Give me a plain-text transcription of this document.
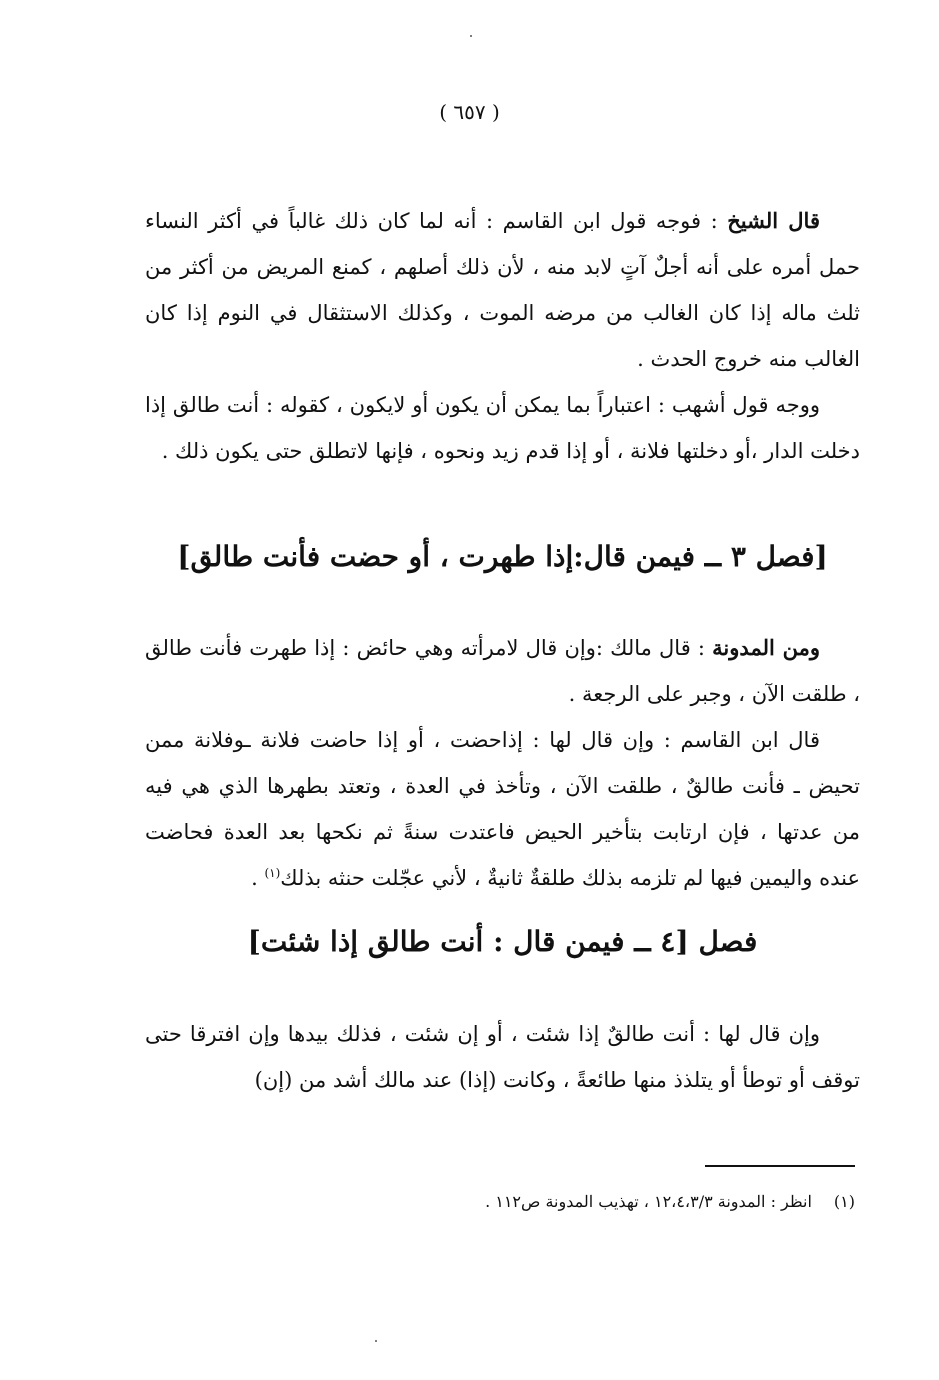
( ٦٥٧ )

قال الشيخ : فوجه قول ابن القاسم : أنه لما كان ذلك غالباً في أكثر النساء حمل أمره على أنه أجلٌ آتٍ لابد منه ، لأن ذلك أصلهم ، كمنع المريض من أكثر من ثلث ماله إذا كان الغالب من مرضه الموت ، وكذلك الاستثقال في النوم إذا كان الغالب منه خروج الحدث .

ووجه قول أشهب : اعتباراً بما يمكن أن يكون أو لايكون ، كقوله : أنت طالق إذا دخلت الدار ،أو دخلتها فلانة ، أو إذا قدم زيد ونحوه ، فإنها لاتطلق حتى يكون ذلك .

[فصل ٣ ــ فيمن قال:إذا طهرت ، أو حضت فأنت طالق]

ومن المدونة : قال مالك :وإن قال لامرأته وهي حائض : إذا طهرت فأنت طالق ، طلقت الآن ، وجبر على الرجعة .

قال ابن القاسم : وإن قال لها : إذاحضت ، أو إذا حاضت فلانة ـوفلانة ممن تحيض ـ فأنت طالقٌ ، طلقت الآن ، وتأخذ في العدة ، وتعتد بطهرها الذي هي فيه من عدتها ، فإن ارتابت بتأخير الحيض فاعتدت سنةً ثم نكحها بعد العدة فحاضت عنده واليمين فيها لم تلزمه بذلك طلقةٌ ثانيةٌ ، لأني عجّلت حنثه بذلك$^{(١)}$ .

فصل [٤ ــ فيمن قال : أنت طالق إذا شئت]

وإن قال لها : أنت طالقٌ إذا شئت ، أو إن شئت ، فذلك بيدها وإن افترقا حتى توقف أو توطأ أو يتلذذ منها طائعةً ، وكانت (إذا) عند مالك أشد من (إن)

(١)انظر : المدونة ١٢،٤،٣/٣ ، تهذيب المدونة ص١١٢ .
